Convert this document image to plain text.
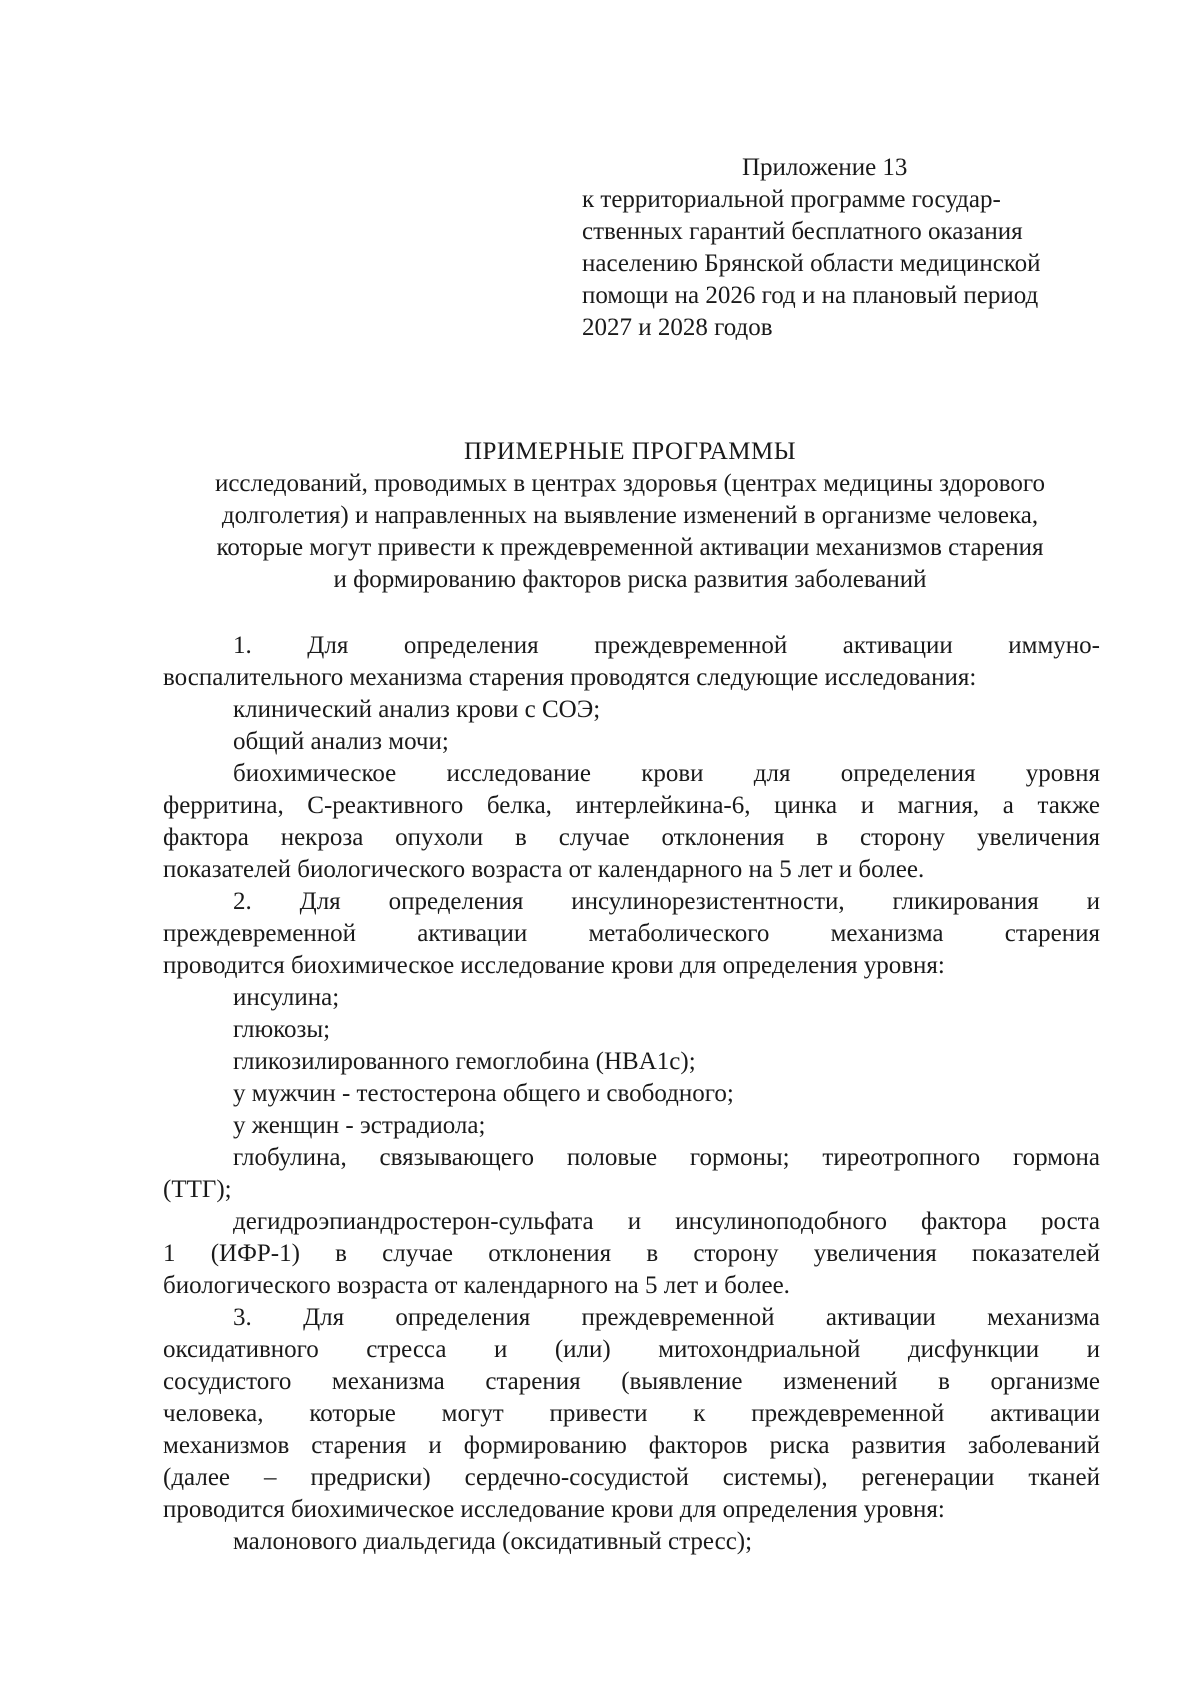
Приложение 13
к территориальной программе государ-
ственных гарантий бесплатного оказания
населению Брянской области медицинской
помощи на 2026 год и на плановый период
2027 и 2028 годов
ПРИМЕРНЫЕ ПРОГРАММЫ
исследований, проводимых в центрах здоровья (центрах медицины здорового
долголетия) и направленных на выявление изменений в организме человека,
которые могут привести к преждевременной активации механизмов старения
и формированию факторов риска развития заболеваний
1. Для определения преждевременной активации иммуно-
воспалительного механизма старения проводятся следующие исследования:
клинический анализ крови с СОЭ;
общий анализ мочи;
биохимическое исследование крови для определения уровня
ферритина, С-реактивного белка, интерлейкина-6, цинка и магния, а также
фактора некроза опухоли в случае отклонения в сторону увеличения
показателей биологического возраста от календарного на 5 лет и более.
2. Для определения инсулинорезистентности, гликирования и
преждевременной активации метаболического механизма старения
проводится биохимическое исследование крови для определения уровня:
инсулина;
глюкозы;
гликозилированного гемоглобина (HBA1c);
у мужчин - тестостерона общего и свободного;
у женщин - эстрадиола;
глобулина, связывающего половые гормоны; тиреотропного гормона
(ТТГ);
дегидроэпиандростерон-сульфата и инсулиноподобного фактора роста
1 (ИФР-1) в случае отклонения в сторону увеличения показателей
биологического возраста от календарного на 5 лет и более.
3. Для определения преждевременной активации механизма
оксидативного стресса и (или) митохондриальной дисфункции и
сосудистого механизма старения (выявление изменений в организме
человека, которые могут привести к преждевременной активации
механизмов старения и формированию факторов риска развития заболеваний
(далее – предриски) сердечно-сосудистой системы), регенерации тканей
проводится биохимическое исследование крови для определения уровня:
малонового диальдегида (оксидативный стресс);
